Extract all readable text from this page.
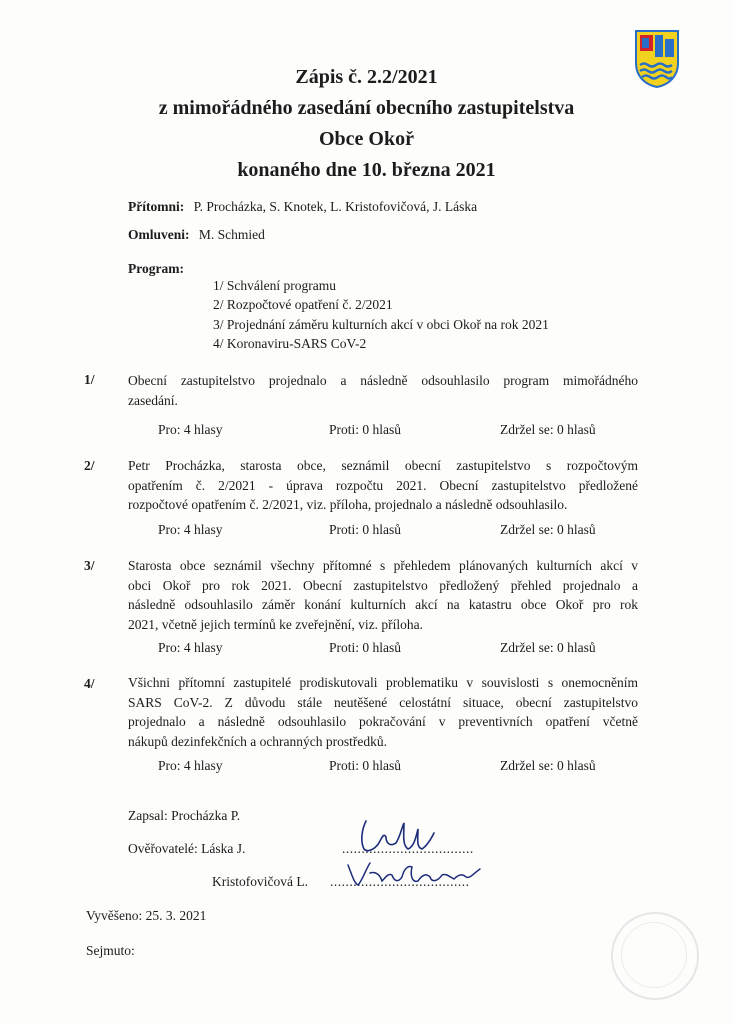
Zápis č. 2.2/2021
z mimořádného zasedání obecního zastupitelstva
Obce Okoř
konaného dne 10. března 2021
Přítomni: P. Procházka, S. Knotek, L. Kristofovičová, J. Láska
Omluveni: M. Schmied
Program:
1/ Schválení programu
2/ Rozpočtové opatření č. 2/2021
3/ Projednání záměru kulturních akcí v obci Okoř na rok 2021
4/ Koronaviru-SARS CoV-2
1/ Obecní zastupitelstvo projednalo a následně odsouhlasilo program mimořádného
zasedání.
Pro: 4 hlasy	Proti: 0 hlasů	Zdržel se: 0 hlasů
2/ Petr Procházka, starosta obce, seznámil obecní zastupitelstvo s rozpočtovým
opatřením č. 2/2021 - úprava rozpočtu 2021. Obecní zastupitelstvo předložené
rozpočtové opatřením č. 2/2021, viz. příloha, projednalo a následně odsouhlasilo.
Pro: 4 hlasy	Proti: 0 hlasů	Zdržel se: 0 hlasů
3/ Starosta obce seznámil všechny přítomné s přehledem plánovaných kulturních akcí v
obci Okoř pro rok 2021. Obecní zastupitelstvo předložený přehled projednalo a
následně odsouhlasilo záměr konání kulturních akcí na katastru obce Okoř pro rok
2021, včetně jejich termínů ke zveřejnění, viz. příloha.
Pro: 4 hlasy	Proti: 0 hlasů	Zdržel se: 0 hlasů
4/ Všichni přítomní zastupitelé prodiskutovali problematiku v souvislosti s onemocněním
SARS CoV-2. Z důvodu stále neutěšené celostátní situace, obecní zastupitelstvo
projednalo a následně odsouhlasilo pokračování v preventivních opatření včetně
nákupů dezinfekčních a ochranných prostředků.
Pro: 4 hlasy	Proti: 0 hlasů	Zdržel se: 0 hlasů
Zapsal: Procházka P.
Ověřovatelé: Láska J.	..................................
Kristofovičová L. ....................................
Vyvěšeno: 25. 3. 2021
Sejmuto:
